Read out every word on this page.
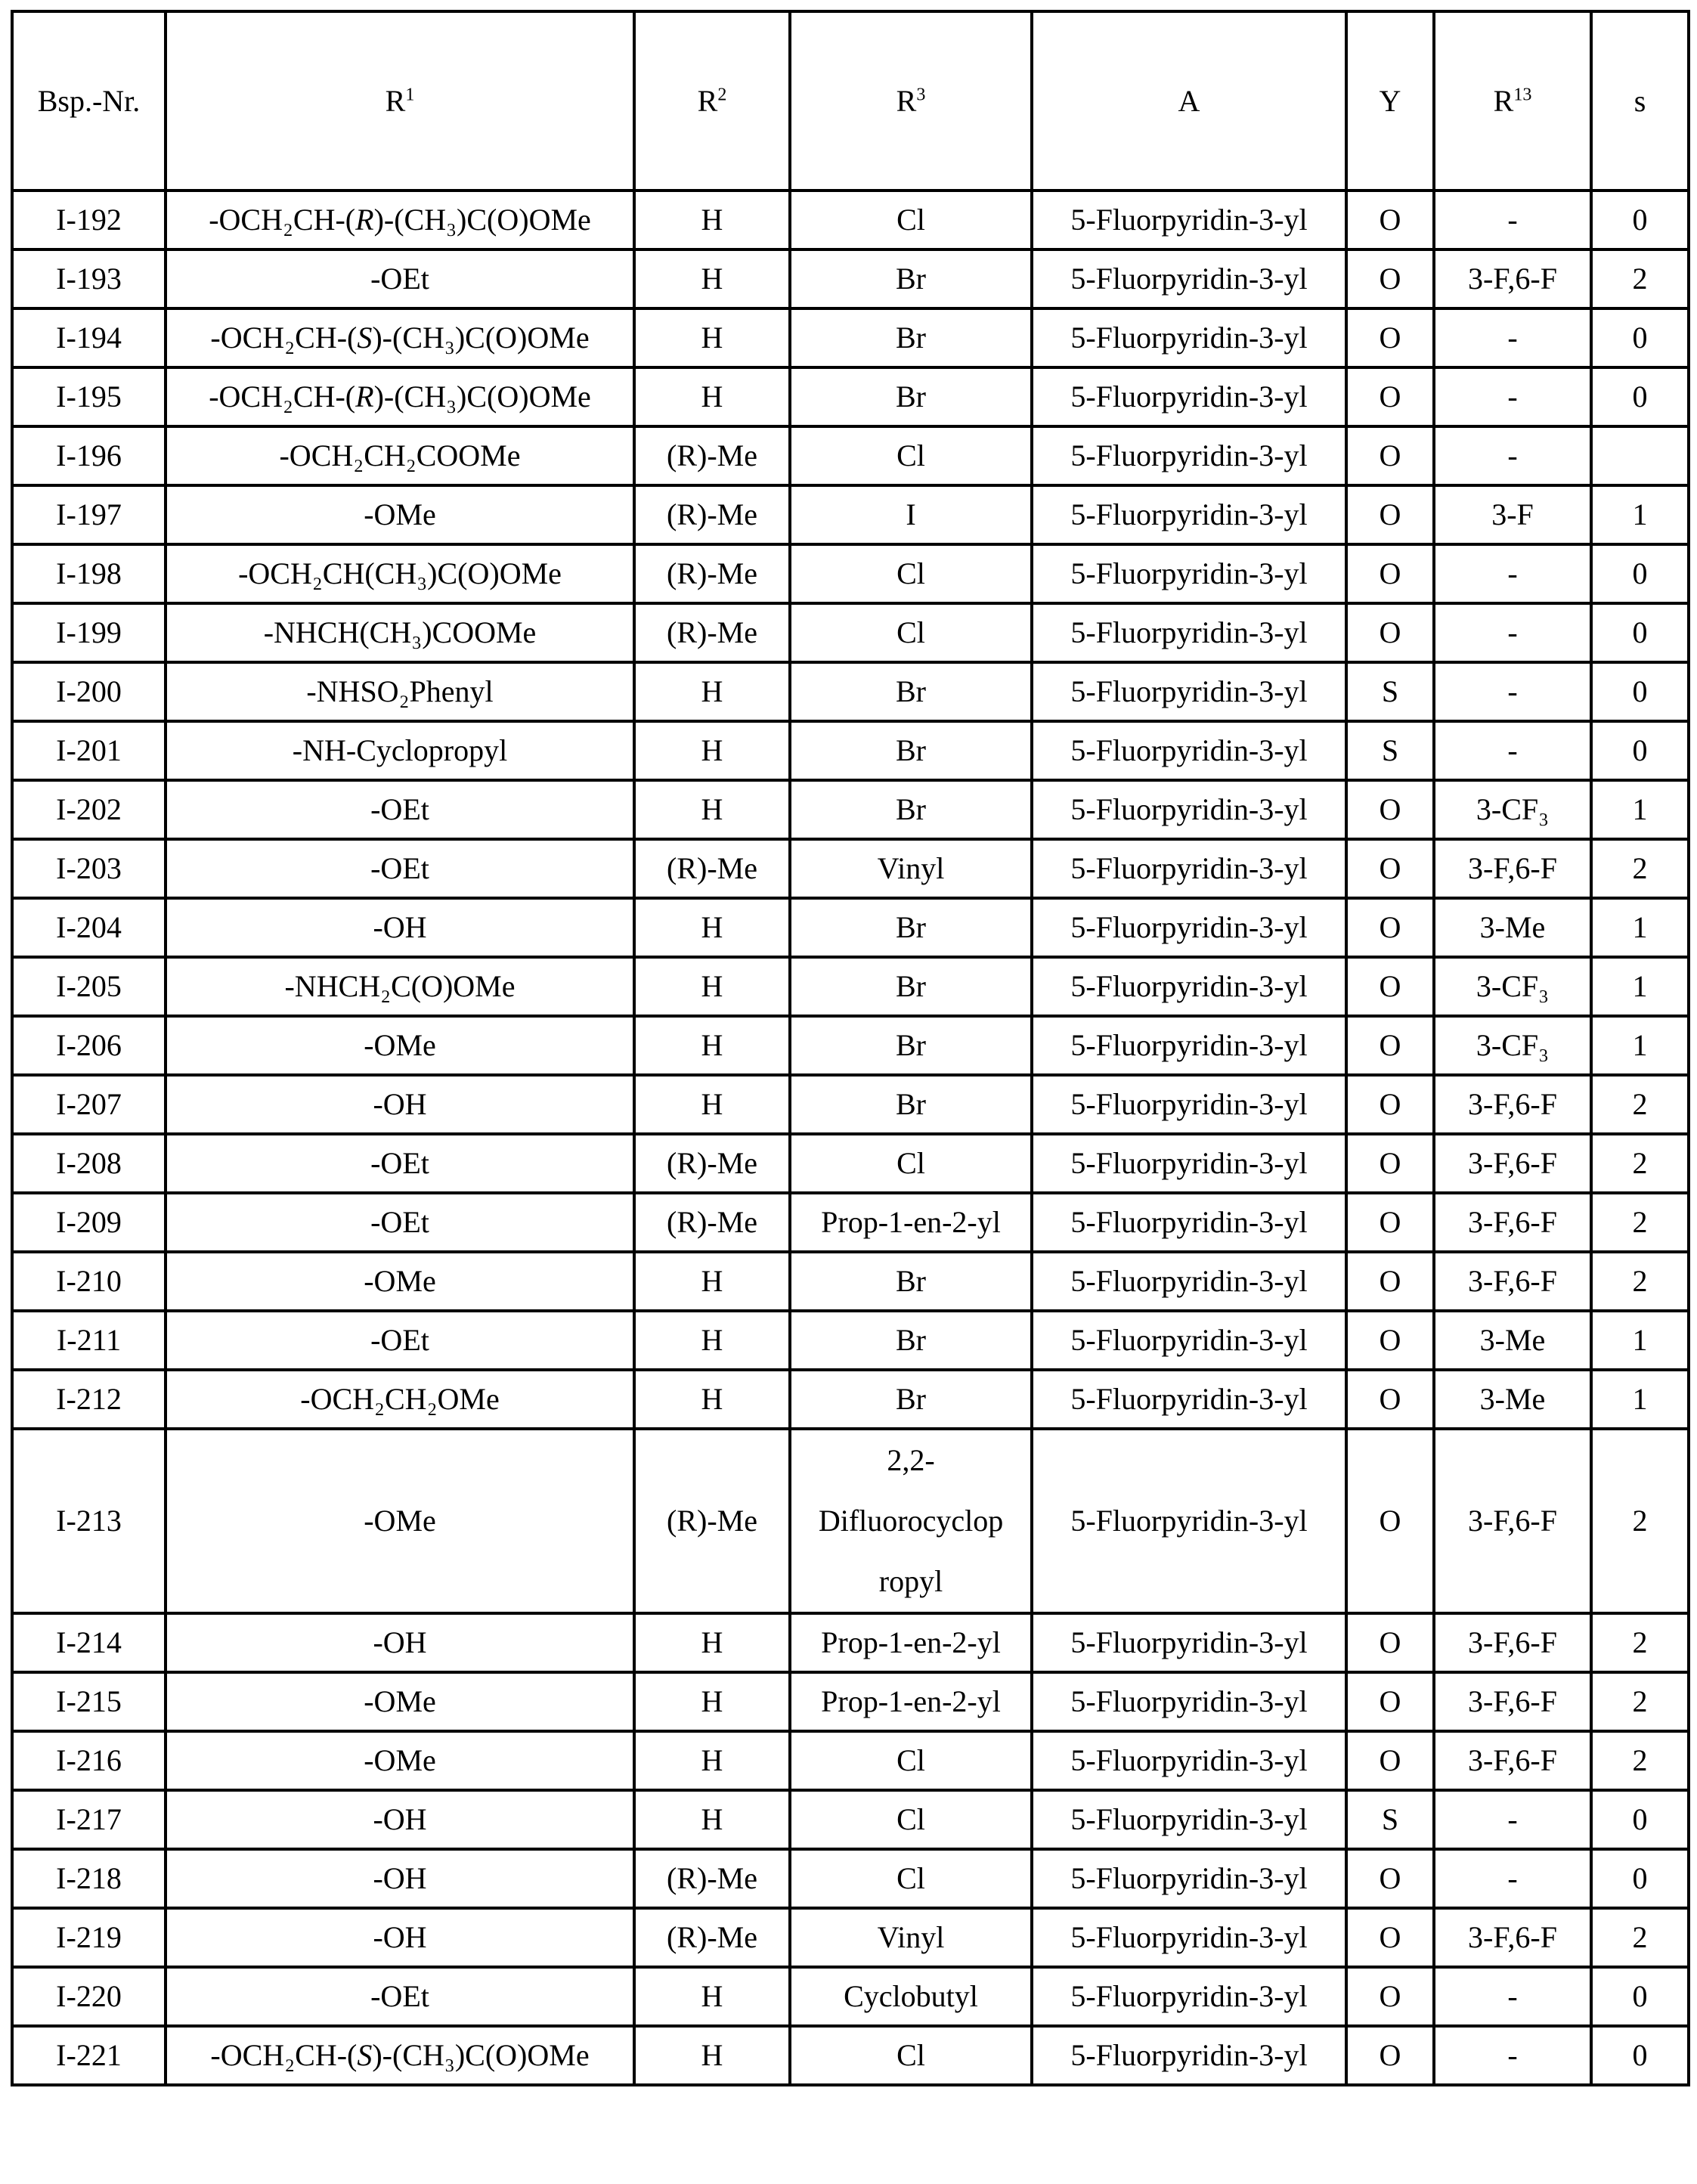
Bsp.-Nr.	$R^1$	$R^2$	$R^3$	A	Y	$R^{13}$	s
I-192	-OCH₂CH-(R)-(CH₃)C(O)OMe	H	Cl	5-Fluorpyridin-3-yl	O	-	0
I-193	-OEt	H	Br	5-Fluorpyridin-3-yl	O	3-F,6-F	2
I-194	-OCH₂CH-(S)-(CH₃)C(O)OMe	H	Br	5-Fluorpyridin-3-yl	O	-	0
I-195	-OCH₂CH-(R)-(CH₃)C(O)OMe	H	Br	5-Fluorpyridin-3-yl	O	-	0
I-196	-OCH₂CH₂COOMe	(R)-Me	Cl	5-Fluorpyridin-3-yl	O	-	
I-197	-OMe	(R)-Me	I	5-Fluorpyridin-3-yl	O	3-F	1
I-198	-OCH₂CH(CH₃)C(O)OMe	(R)-Me	Cl	5-Fluorpyridin-3-yl	O	-	0
I-199	-NHCH(CH₃)COOMe	(R)-Me	Cl	5-Fluorpyridin-3-yl	O	-	0
I-200	-NHSO₂Phenyl	H	Br	5-Fluorpyridin-3-yl	S	-	0
I-201	-NH-Cyclopropyl	H	Br	5-Fluorpyridin-3-yl	S	-	0
I-202	-OEt	H	Br	5-Fluorpyridin-3-yl	O	3-CF₃	1
I-203	-OEt	(R)-Me	Vinyl	5-Fluorpyridin-3-yl	O	3-F,6-F	2
I-204	-OH	H	Br	5-Fluorpyridin-3-yl	O	3-Me	1
I-205	-NHCH₂C(O)OMe	H	Br	5-Fluorpyridin-3-yl	O	3-CF₃	1
I-206	-OMe	H	Br	5-Fluorpyridin-3-yl	O	3-CF₃	1
I-207	-OH	H	Br	5-Fluorpyridin-3-yl	O	3-F,6-F	2
I-208	-OEt	(R)-Me	Cl	5-Fluorpyridin-3-yl	O	3-F,6-F	2
I-209	-OEt	(R)-Me	Prop-1-en-2-yl	5-Fluorpyridin-3-yl	O	3-F,6-F	2
I-210	-OMe	H	Br	5-Fluorpyridin-3-yl	O	3-F,6-F	2
I-211	-OEt	H	Br	5-Fluorpyridin-3-yl	O	3-Me	1
I-212	-OCH₂CH₂OMe	H	Br	5-Fluorpyridin-3-yl	O	3-Me	1
I-213	-OMe	(R)-Me	2,2-
Difluorocyclop
ropyl	5-Fluorpyridin-3-yl	O	3-F,6-F	2
I-214	-OH	H	Prop-1-en-2-yl	5-Fluorpyridin-3-yl	O	3-F,6-F	2
I-215	-OMe	H	Prop-1-en-2-yl	5-Fluorpyridin-3-yl	O	3-F,6-F	2
I-216	-OMe	H	Cl	5-Fluorpyridin-3-yl	O	3-F,6-F	2
I-217	-OH	H	Cl	5-Fluorpyridin-3-yl	S	-	0
I-218	-OH	(R)-Me	Cl	5-Fluorpyridin-3-yl	O	-	0
I-219	-OH	(R)-Me	Vinyl	5-Fluorpyridin-3-yl	O	3-F,6-F	2
I-220	-OEt	H	Cyclobutyl	5-Fluorpyridin-3-yl	O	-	0
I-221	-OCH₂CH-(S)-(CH₃)C(O)OMe	H	Cl	5-Fluorpyridin-3-yl	O	-	0
